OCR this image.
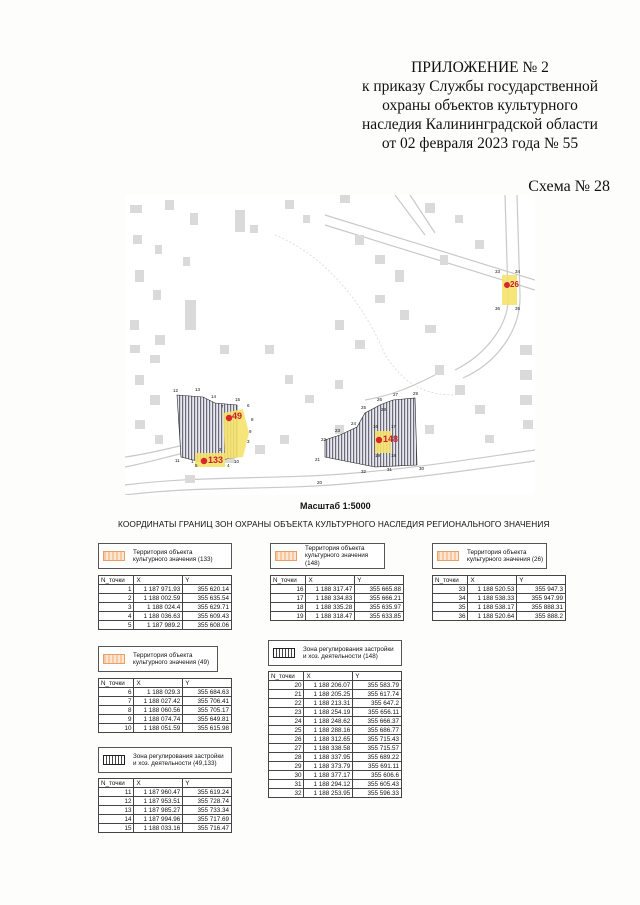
ПРИЛОЖЕНИЕ № 2
к приказу Службы государственной
охраны объектов культурного
наследия Калининградской области
от 02 февраля 2023 года № 55
Схема № 28
49
133
148
26
1
2
3
4
5
6
7
8
9
10
11
12	13
14
15
16	17
18
19
20
21
22
23
24
25
26
27
28
29
30
31
32
33	34
35
36
Масштаб 1:5000
КООРДИНАТЫ ГРАНИЦ ЗОН ОХРАНЫ ОБЪЕКТА КУЛЬТУРНОГО НАСЛЕДИЯ РЕГИОНАЛЬНОГО ЗНАЧЕНИЯ
Территория объекта
культурного значения (133)
N_точки	X	Y
1	1 187 971.93	355 620.14
2	1 188 002.59	355 635.54
3	1 188 024.4	355 629.71
4	1 188 036.63	355 609.43
5	1 187 989.2	355 608.06
Территория объекта
культурного значения (148)
N_точки	X	Y
16	1 188 317.47	355 665.88
17	1 188 334.83	355 666.21
18	1 188 335.28	355 635.97
19	1 188 318.47	355 633.85
Территория объекта
культурного значения (26)
N_точки	X	Y
33	1 188 520.53	355 947.3
34	1 188 538.33	355 947.99
35	1 188 538.17	355 888.31
36	1 188 520.64	355 888.2
Территория объекта
культурного значения (49)
N_точки	X	Y
6	1 188 029.3	355 684.63
7	1 188 027.42	355 706.41
8	1 188 060.56	355 705.17
9	1 188 074.74	355 649.81
10	1 188 051.59	355 615.98
Зона регулирования застройки
и хоз. деятельности (148)
N_точки	X	Y
20	1 188 206.07	355 583.79
21	1 188 205.25	355 617.74
22	1 188 213.31	355 647.2
23	1 188 254.19	355 656.11
24	1 188 248.62	355 666.37
25	1 188 288.16	355 686.77
26	1 188 312.65	355 715.43
27	1 188 338.58	355 715.57
28	1 188 337.95	355 689.22
29	1 188 373.79	355 691.11
30	1 188 377.17	355 606.6
31	1 188 294.12	355 605.43
32	1 188 253.95	355 596.33
Зона регулирования застройки
и хоз. деятельности (49,133)
N_точки	X	Y
11	1 187 960.47	355 619.24
12	1 187 953.51	355 728.74
13	1 187 985.27	355 733.34
14	1 187 994.96	355 717.69
15	1 188 033.16	355 716.47
